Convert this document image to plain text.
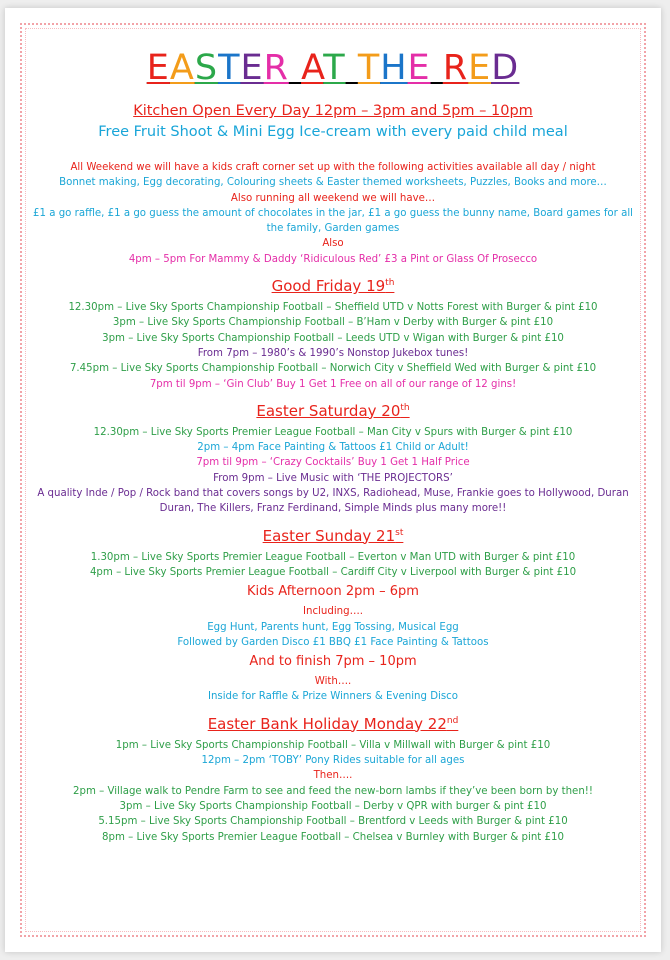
EASTER AT THE RED

Kitchen Open Every Day 12pm – 3pm and 5pm – 10pm

Free Fruit Shoot & Mini Egg Ice-cream with every paid child meal

All Weekend we will have a kids craft corner set up with the following activities available all day / night

Bonnet making, Egg decorating, Colouring sheets & Easter themed worksheets, Puzzles, Books and more…

Also running all weekend we will have…

£1 a go raffle, £1 a go guess the amount of chocolates in the jar, £1 a go guess the bunny name, Board games for all the family, Garden games

Also

4pm – 5pm For Mammy & Daddy ‘Ridiculous Red’ £3 a Pint or Glass Of Prosecco

Good Friday 19th

12.30pm – Live Sky Sports Championship Football – Sheffield UTD v Notts Forest with Burger & pint £10

3pm – Live Sky Sports Championship Football – B’Ham v Derby with Burger & pint £10

3pm – Live Sky Sports Championship Football – Leeds UTD v Wigan with Burger & pint £10

From 7pm – 1980’s & 1990’s Nonstop Jukebox tunes!

7.45pm – Live Sky Sports Championship Football – Norwich City v Sheffield Wed with Burger & pint £10

7pm til 9pm – ‘Gin Club’ Buy 1 Get 1 Free on all of our range of 12 gins!

Easter Saturday 20th

12.30pm – Live Sky Sports Premier League Football – Man City v Spurs with Burger & pint £10

2pm – 4pm Face Painting & Tattoos £1 Child or Adult!

7pm til 9pm – ‘Crazy Cocktails’ Buy 1 Get 1 Half Price

From 9pm – Live Music with ‘THE PROJECTORS’

A quality Inde / Pop / Rock band that covers songs by U2, INXS, Radiohead, Muse, Frankie goes to Hollywood, Duran Duran, The Killers, Franz Ferdinand, Simple Minds plus many more!!

Easter Sunday 21st

1.30pm – Live Sky Sports Premier League Football – Everton v Man UTD with Burger & pint £10

4pm – Live Sky Sports Premier League Football – Cardiff City v Liverpool with Burger & pint £10

Kids Afternoon 2pm – 6pm

Including….

Egg Hunt, Parents hunt, Egg Tossing, Musical Egg

Followed by Garden Disco £1 BBQ £1 Face Painting & Tattoos

And to finish 7pm – 10pm

With….

Inside for Raffle & Prize Winners & Evening Disco

Easter Bank Holiday Monday 22nd

1pm – Live Sky Sports Championship Football – Villa v Millwall with Burger & pint £10

12pm – 2pm ‘TOBY’ Pony Rides suitable for all ages

Then….

2pm – Village walk to Pendre Farm to see and feed the new-born lambs if they’ve been born by then!!

3pm – Live Sky Sports Championship Football – Derby v QPR with burger & pint £10

5.15pm – Live Sky Sports Championship Football – Brentford v Leeds with Burger & pint £10

8pm – Live Sky Sports Premier League Football – Chelsea v Burnley with Burger & pint £10
